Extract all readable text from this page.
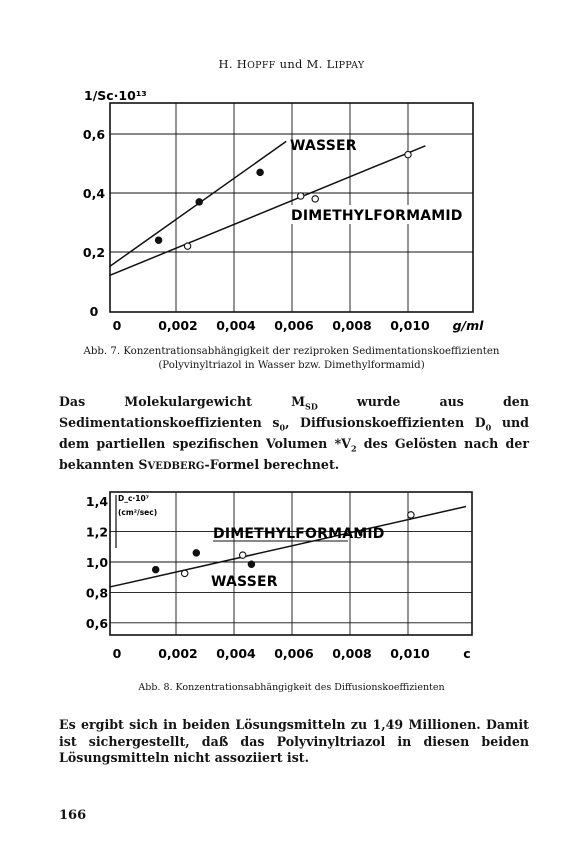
H. HOPFF und M. LIPPAY
0
0,2
0,4
0,6
0	0,002 0,004 0,006 0,008 0,010 g/ml
1/Sc·10¹³
WASSER
DIMETHYLFORMAMID
0,6
0,8
1,0
1,2
1,4
0	0,002 0,004 0,006 0,008 0,010	c
D_c·10⁷
(cm²/sec)
DIMETHYLFORMAMID
WASSER
Abb. 7. Konzentrationsabhängigkeit der reziproken Sedimentationskoeffizienten
(Polyvinyltriazol in Wasser bzw. Dimethylformamid)
Das Molekulargewicht $M_{SD}$ wurde aus den Sedimentationskoeffizienten $s_0$, Diffusionskoeffizienten $D_0$ und dem partiellen spezifischen Volumen $*V_2$ des Gelösten nach der bekannten SVEDBERG-Formel berechnet.
Abb. 8. Konzentrationsabhängigkeit des Diffusionskoeffizienten
Es ergibt sich in beiden Lösungsmitteln zu 1,49 Millionen. Damit ist sichergestellt, daß das Polyvinyltriazol in diesen beiden Lösungsmitteln nicht assoziiert ist.
166
